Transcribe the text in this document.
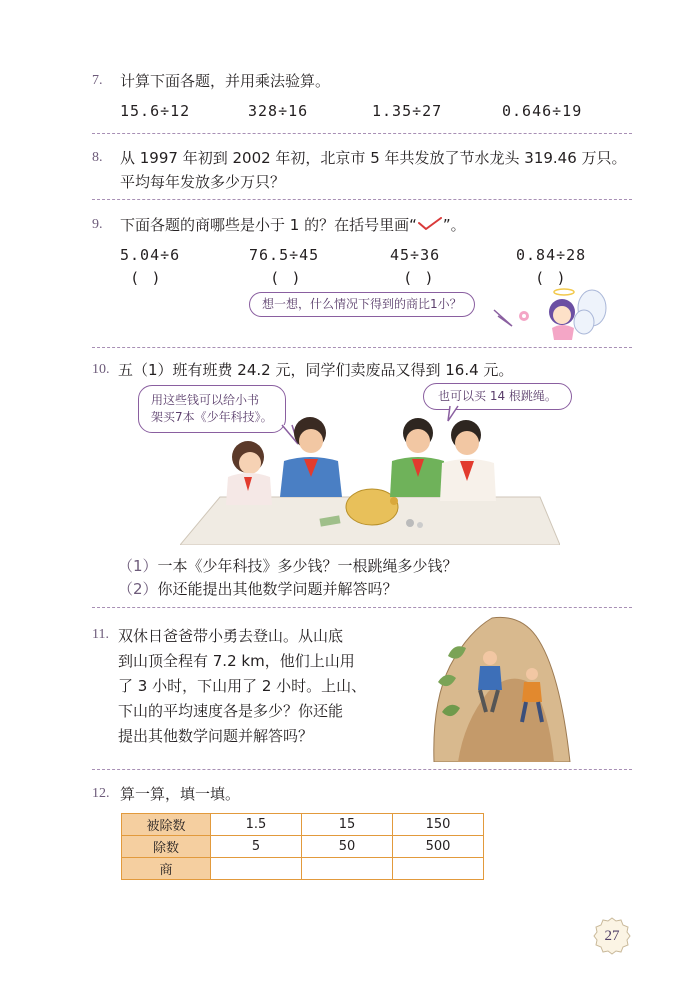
7. 计算下面各题，并用乘法验算。
15.6÷12	328÷16	1.35÷27	0.646÷19
8. 从 1997 年初到 2002 年初，北京市 5 年共发放了节水龙头 319.46 万只。
平均每年发放多少万只？
9. 下面各题的商哪些是小于 1 的？在括号里画“ ”。
5.04÷6	76.5÷45	45÷36	0.84÷28
(　)	(　)	(　)	(　)
想一想，什么情况下得到的商比1小？
10. 五（1）班有班费 24.2 元，同学们卖废品又得到 16.4 元。
用这些钱可以给小书
架买7本《少年科技》。
也可以买 14 根跳绳。
（1）一本《少年科技》多少钱？一根跳绳多少钱？
（2）你还能提出其他数学问题并解答吗？
11. 双休日爸爸带小勇去登山。从山底
到山顶全程有 7.2 km，他们上山用
了 3 小时，下山用了 2 小时。上山、
下山的平均速度各是多少？你还能
提出其他数学问题并解答吗？
12. 算一算，填一填。
被除数	1.5	15	150
除数	5	50	500
商			
27
